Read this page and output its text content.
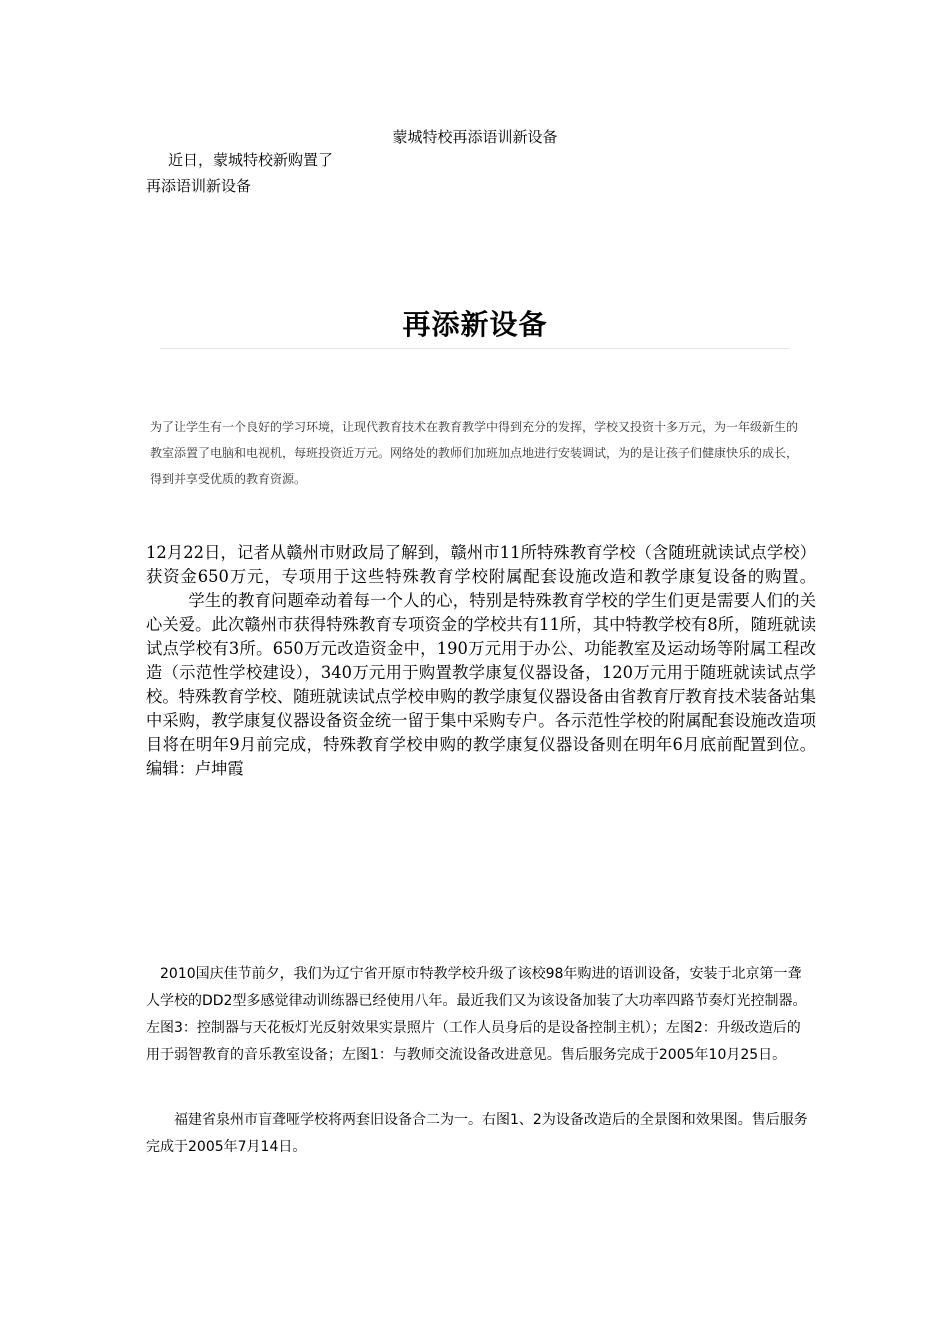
蒙城特校再添语训新设备
近日，蒙城特校新购置了
再添语训新设备
再添新设备
为了让学生有一个良好的学习环境，让现代教育技术在教育教学中得到充分的发挥，学校又投资十多万元，为一年级新生的教室添置了电脑和电视机，每班投资近万元。网络处的教师们加班加点地进行安装调试，为的是让孩子们健康快乐的成长，得到并享受优质的教育资源。
12月22日，记者从赣州市财政局了解到，赣州市11所特殊教育学校（含随班就读试点学校）获资金650万元，专项用于这些特殊教育学校附属配套设施改造和教学康复设备的购置。学生的教育问题牵动着每一个人的心，特别是特殊教育学校的学生们更是需要人们的关心关爱。此次赣州市获得特殊教育专项资金的学校共有11所，其中特教学校有8所，随班就读试点学校有3所。650万元改造资金中，190万元用于办公、功能教室及运动场等附属工程改造（示范性学校建设），340万元用于购置教学康复仪器设备，120万元用于随班就读试点学校。特殊教育学校、随班就读试点学校申购的教学康复仪器设备由省教育厅教育技术装备站集中采购，教学康复仪器设备资金统一留于集中采购专户。各示范性学校的附属配套设施改造项目将在明年9月前完成，特殊教育学校申购的教学康复仪器设备则在明年6月底前配置到位。编辑：卢坤霞
2010国庆佳节前夕，我们为辽宁省开原市特教学校升级了该校98年购进的语训设备，安装于北京第一聋人学校的DD2型多感觉律动训练器已经使用八年。最近我们又为该设备加装了大功率四路节奏灯光控制器。左图3：控制器与天花板灯光反射效果实景照片（工作人员身后的是设备控制主机）；左图2：升级改造后的用于弱智教育的音乐教室设备；左图1：与教师交流设备改进意见。售后服务完成于2005年10月25日。
福建省泉州市盲聋哑学校将两套旧设备合二为一。右图1、2为设备改造后的全景图和效果图。售后服务完成于2005年7月14日。
